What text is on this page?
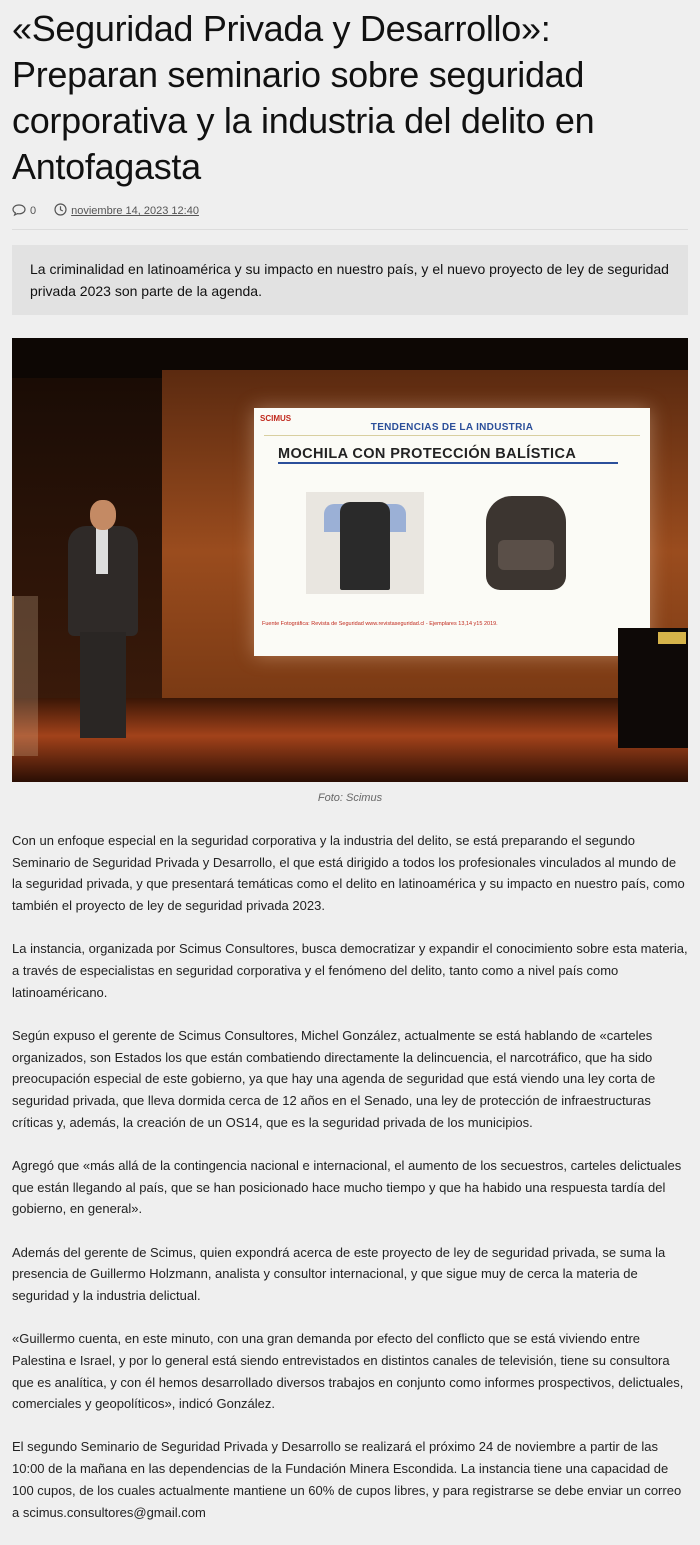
«Seguridad Privada y Desarrollo»: Preparan seminario sobre seguridad corporativa y la industria del delito en Antofagasta
0	noviembre 14, 2023 12:40
La criminalidad en latinoamérica y su impacto en nuestro país, y el nuevo proyecto de ley de seguridad privada 2023 son parte de la agenda.
SCIMUS
TENDENCIAS DE LA INDUSTRIA
MOCHILA CON PROTECCIÓN BALÍSTICA
Fuente Fotográfica: Revista de Seguridad www.revistaseguridad.cl - Ejemplares 13,14 y15 2019.
Foto: Scimus

Con un enfoque especial en la seguridad corporativa y la industria del delito, se está preparando el segundo Seminario de Seguridad Privada y Desarrollo, el que está dirigido a todos los profesionales vinculados al mundo de la seguridad privada, y que presentará temáticas como el delito en latinoamérica y su impacto en nuestro país, como también el proyecto de ley de seguridad privada 2023.

La instancia, organizada por Scimus Consultores, busca democratizar y expandir el conocimiento sobre esta materia, a través de especialistas en seguridad corporativa y el fenómeno del delito, tanto como a nivel país como latinoaméricano.

Según expuso el gerente de Scimus Consultores, Michel González, actualmente se está hablando de «carteles organizados, son Estados los que están combatiendo directamente la delincuencia, el narcotráfico, que ha sido preocupación especial de este gobierno, ya que hay una agenda de seguridad que está viendo una ley corta de seguridad privada, que lleva dormida cerca de 12 años en el Senado, una ley de protección de infraestructuras críticas y, además, la creación de un OS14, que es la seguridad privada de los municipios.

Agregó que «más allá de la contingencia nacional e internacional, el aumento de los secuestros, carteles delictuales que están llegando al país, que se han posicionado hace mucho tiempo y que ha habido una respuesta tardía del gobierno, en general».

Además del gerente de Scimus, quien expondrá acerca de este proyecto de ley de seguridad privada, se suma la presencia de Guillermo Holzmann, analista y consultor internacional, y que sigue muy de cerca la materia de seguridad y la industria delictual.

«Guillermo cuenta, en este minuto, con una gran demanda por efecto del conflicto que se está viviendo entre Palestina e Israel, y por lo general está siendo entrevistados en distintos canales de televisión, tiene su consultora que es analítica, y con él hemos desarrollado diversos trabajos en conjunto como informes prospectivos, delictuales, comerciales y geopolíticos», indicó González.

El segundo Seminario de Seguridad Privada y Desarrollo se realizará el próximo 24 de noviembre a partir de las 10:00 de la mañana en las dependencias de la Fundación Minera Escondida. La instancia tiene una capacidad de 100 cupos, de los cuales actualmente mantiene un 60% de cupos libres, y para registrarse se debe enviar un correo a scimus.consultores@gmail.com
